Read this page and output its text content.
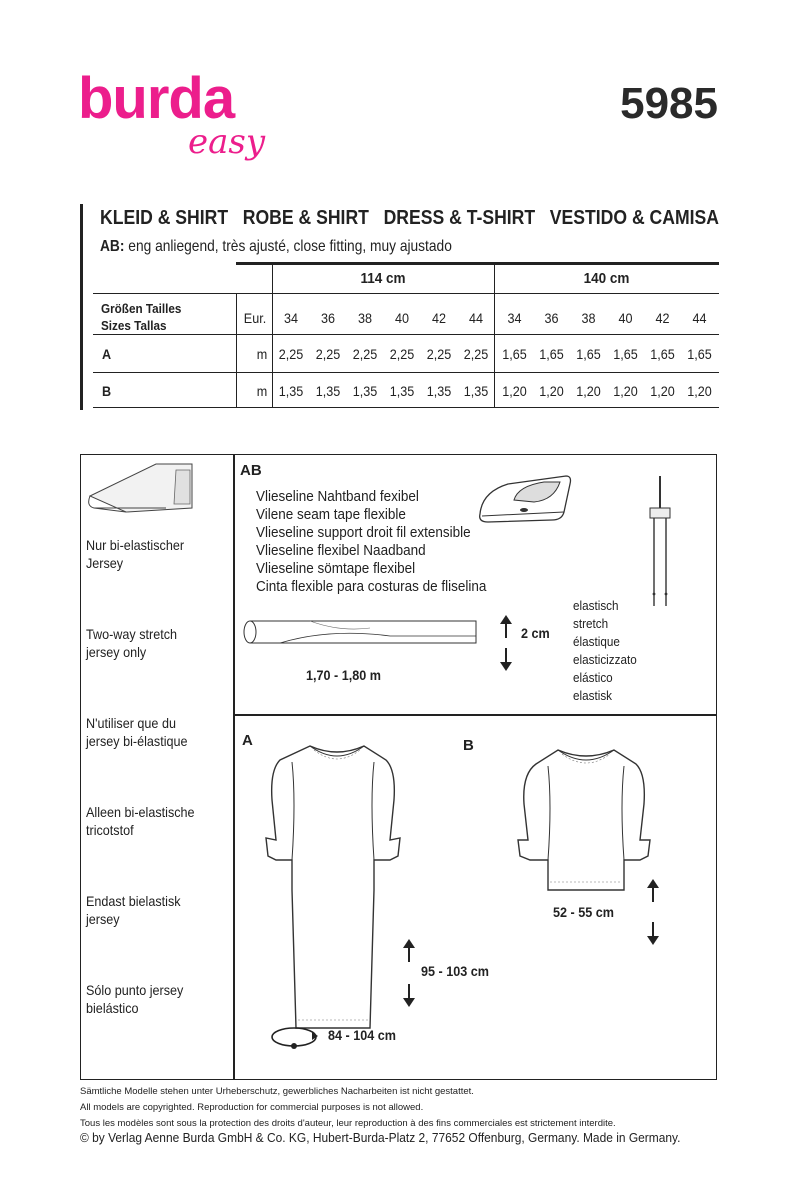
burda
easy
5985
KLEID & SHIRT   ROBE & SHIRT   DRESS & T-SHIRT   VESTIDO & CAMISA
AB: eng anliegend, très ajusté, close fitting, muy ajustado
114 cm	140 cm
Größen Tailles
Sizes Tallas	Eur.	34	36	38	40	42	44	34	36	38	40	42	44
A	m 2,25 2,25 2,25 2,25 2,25 2,25 1,65 1,65 1,65 1,65 1,65 1,65
B	m 1,35 1,35 1,35 1,35 1,35 1,35 1,20 1,20 1,20 1,20 1,20 1,20
Nur bi-elastischer Jersey
Two-way stretch jersey only
N'utiliser que du jersey bi-élastique
Alleen bi-elastische tricotstof
Endast bielastisk jersey
Sólo punto jersey bielástico
AB
Vlieseline Nahtband fexibel
Vilene seam tape flexible
Vlieseline support droit fil extensible
Vlieseline flexibel Naadband
Vlieseline sömtape flexibel
Cinta flexible para costuras de fliselina
1,70 - 1,80 m
2 cm
elastisch
stretch
élastique
elasticizzato
elástico
elastisk
A
95 - 103 cm
84 - 104 cm
B
52 - 55 cm
Sämtliche Modelle stehen unter Urheberschutz, gewerbliches Nacharbeiten ist nicht gestattet.
All models are copyrighted. Reproduction for commercial purposes is not allowed.
Tous les modèles sont sous la protection des droits d'auteur, leur reproduction à des fins commerciales est strictement interdite.
© by Verlag Aenne Burda GmbH & Co. KG, Hubert-Burda-Platz 2, 77652 Offenburg, Germany. Made in Germany.
